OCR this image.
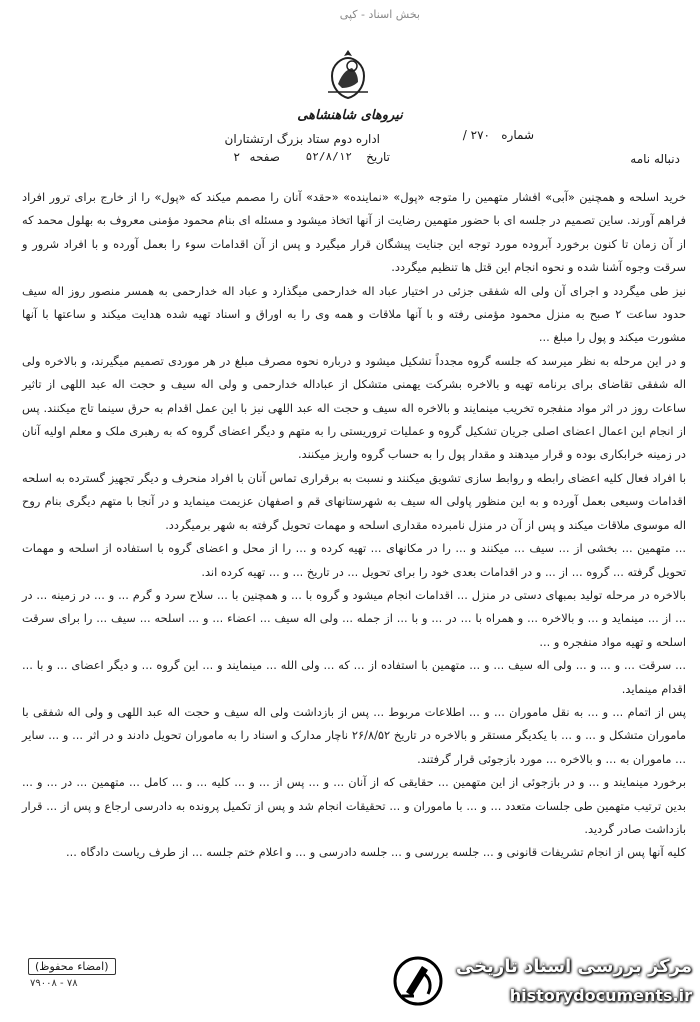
بخش اسناد - کپی
نیروهای شاهنشاهی
اداره دوم ستاد بزرگ ارتشتاران	شماره
۲۷۰ /
تاریخ
۵۲/۸/۱۲
صفحه
۲	دنباله نامه

خرید اسلحه و همچنین «آبی» افشار متهمین را متوجه «پول» «نماینده» «حقد» آنان را مصمم میکند که «پول» را از خارج برای ترور افراد فراهم آورند. ساین تصمیم در جلسه ای با حضور متهمین رضایت از آنها اتخاذ میشود و مسئله ای بنام محمود مؤمنی معروف به بهلول محمد که از آن زمان تا کنون برخورد آبروده مورد توجه این جنایت پیشگان قرار میگیرد و پس از آن اقدامات سوء را بعمل آورده و با افراد شرور و سرقت وجوه آشنا شده و نحوه انجام این قتل ها تنظیم میگردد.

نیز طی میگردد و اجرای آن ولی اله شفقی جزئی در اختیار عباد اله خدارحمی میگذارد و عباد اله خدارحمی به همسر منصور روز اله سیف حدود ساعت ۲ صبح به منزل محمود مؤمنی رفته و با آنها ملاقات و همه وی را به اوراق و اسناد تهیه شده هدایت میکند و ساعتها با آنها مشورت میکند و پول را مبلغ ...

و در این مرحله به نظر میرسد که جلسه گروه مجدداً تشکیل میشود و درباره نحوه مصرف مبلغ در هر موردی تصمیم میگیرند، و بالاخره ولی اله شفقی تقاضای برای برنامه تهیه و بالاخره بشرکت یهمنی متشکل از عباداله خدارحمی و ولی اله سیف و حجت اله عبد اللهی از تاثیر ساعات روز در اثر مواد منفجره تخریب مینمایند و بالاخره اله سیف و حجت اله عبد اللهی نیز با این عمل اقدام به حرق سینما تاج میکنند. پس از انجام این اعمال اعضای اصلی جریان تشکیل گروه و عملیات تروریستی را به متهم و دیگر اعضای گروه که به رهبری ملک و معلم اولیه آنان در زمینه خرابکاری بوده و قرار میدهند و مقدار پول را به حساب گروه واریز میکنند.

با افراد فعال کلیه اعضای رابطه و روابط سازی تشویق میکنند و نسبت به برقراری تماس آنان با افراد منحرف و دیگر تجهیز گسترده به اسلحه اقدامات وسیعی بعمل آورده و به این منظور پاولی اله سیف به شهرستانهای قم و اصفهان عزیمت مینماید و در آنجا با متهم دیگری بنام روح اله موسوی ملاقات میکند و پس از آن در منزل نامبرده مقداری اسلحه و مهمات تحویل گرفته به شهر برمیگردد.

... متهمین ... بخشی از ... سیف ... میکنند و ... را در مکانهای ... تهیه کرده و ... را از محل و اعضای گروه با استفاده از اسلحه و مهمات تحویل گرفته ... گروه ... از ... و در اقدامات بعدی خود را برای تحویل ... در تاریخ ... و ... تهیه کرده اند.

بالاخره در مرحله تولید بمبهای دستی در منزل ... اقدامات انجام میشود و گروه با ... و همچنین با ... سلاح سرد و گرم ... و ... در زمینه ... در ... از ... مینماید و ... و بالاخره ... و همراه با ... در ... و با ... از جمله ... ولی اله سیف ... اعضاء ... و ... اسلحه ... سیف ... را برای سرقت اسلحه و تهیه مواد منفجره و ...

... سرقت ... و ... و ... ولی اله سیف ... و ... متهمین با استفاده از ... که ... ولی الله ... مینمایند و ... این گروه ... و دیگر اعضای ... و با ... اقدام مینماید.

پس از اتمام ... و ... به نقل ماموران ... و ... اطلاعات مربوط ... پس از بازداشت ولی اله سیف و حجت اله عبد اللهی و ولی اله شفقی با ماموران متشکل و ... و ... با یکدیگر مستقر و بالاخره در تاریخ ۲۶/۸/۵۲ ناچار مدارک و اسناد را به ماموران تحویل دادند و در اثر ... و ... سایر ... ماموران به ... و بالاخره ... مورد بازجوئی قرار گرفتند.

برخورد مینمایند و ... و در بازجوئی از این متهمین ... حقایقی که از آنان ... و ... پس از ... و ... کلیه ... و ... کامل ... متهمین ... در ... و ... بدین ترتیب متهمین طی جلسات متعدد ... و ... با ماموران و ... تحقیقات انجام شد و پس از تکمیل پرونده به دادرسی ارجاع و پس از ... قرار بازداشت صادر گردید.

کلیه آنها پس از انجام تشریفات قانونی و ... جلسه بررسی و ... جلسه دادرسی و ... و اعلام ختم جلسه ... از طرف ریاست دادگاه ...

(امضاء محفوظ)
۷۹۰۰۸ - ۷۸
مرکز بررسی اسناد تاریخی
historydocuments.ir
